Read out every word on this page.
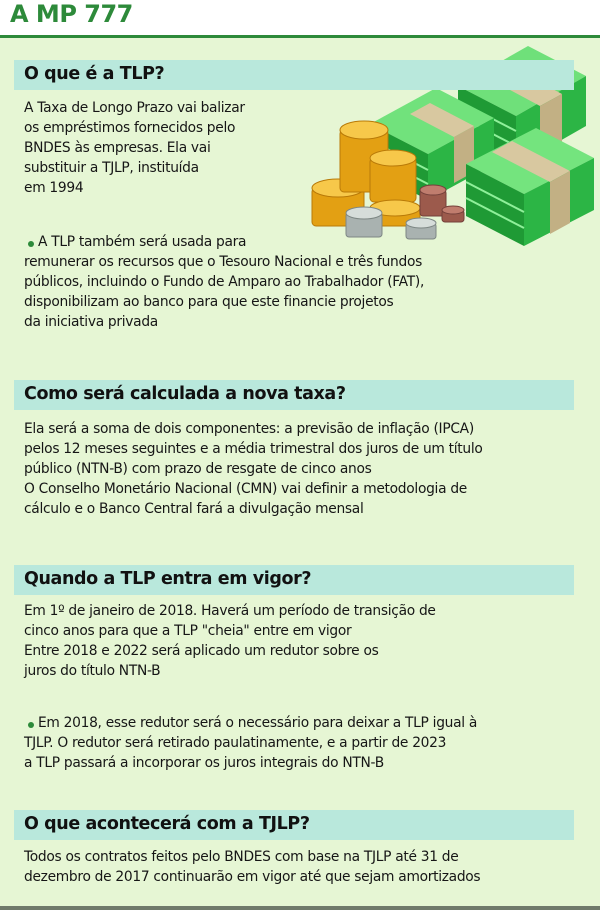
A MP 777
O que é a TLP?

A Taxa de Longo Prazo vai balizar

os empréstimos fornecidos pelo

BNDES às empresas. Ela vai

substituir a TJLP, instituída

em 1994

A TLP também será usada para

remunerar os recursos que o Tesouro Nacional e três fundos

públicos, incluindo o Fundo de Amparo ao Trabalhador (FAT),

disponibilizam ao banco para que este financie projetos

da iniciativa privada

Como será calculada a nova taxa?

Ela será a soma de dois componentes: a previsão de inflação (IPCA)

pelos 12 meses seguintes e a média trimestral dos juros de um título

público (NTN-B) com prazo de resgate de cinco anos

O Conselho Monetário Nacional (CMN) vai definir a metodologia de

cálculo e o Banco Central fará a divulgação mensal

Quando a TLP entra em vigor?

Em 1º de janeiro de 2018. Haverá um período de transição de

cinco anos para que a TLP "cheia" entre em vigor

Entre 2018 e 2022 será aplicado um redutor sobre os

juros do título NTN-B

Em 2018, esse redutor será o necessário para deixar a TLP igual à

TJLP. O redutor será retirado paulatinamente, e a partir de 2023

a TLP passará a incorporar os juros integrais do NTN-B

O que acontecerá com a TJLP?

Todos os contratos feitos pelo BNDES com base na TJLP até 31 de

dezembro de 2017 continuarão em vigor até que sejam amortizados
